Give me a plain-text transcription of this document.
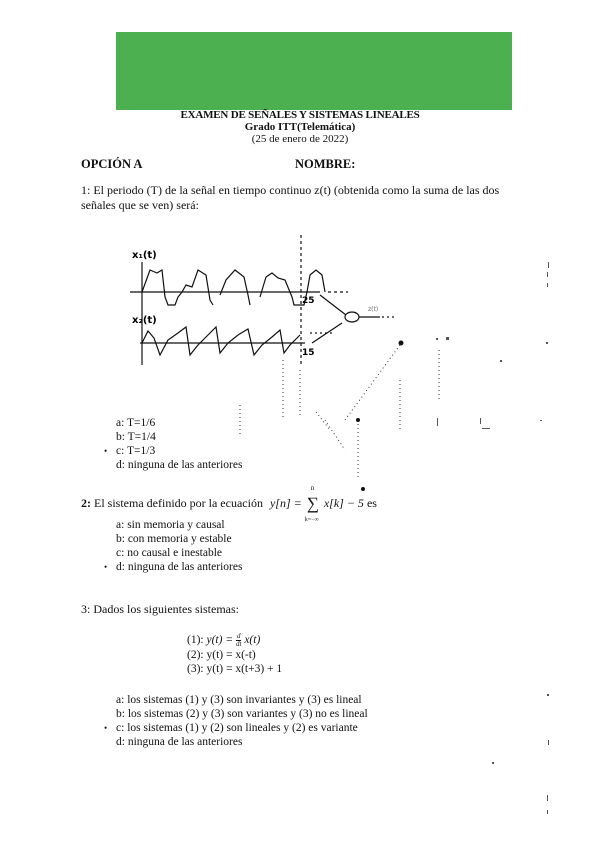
EXAMEN DE SEÑALES Y SISTEMAS LINEALES
Grado ITT(Telemática)
(25 de enero de 2022)
OPCIÓN A	NOMBRE:
1: El periodo (T) de la señal en tiempo continuo z(t) (obtenida como la suma de las dos señales que se ven) será:
x₁(t)
x₂(t)
25
15
z(t)
a: T=1/6
b: T=1/4
• c: T=1/3
d: ninguna de las anteriores
2: El sistema definido por la ecuación y[n] = ∑
n
k=−∞
x[k] − 5 es
a: sin memoria y causal
b: con memoria y estable
c: no causal e inestable
• d: ninguna de las anteriores
3: Dados los siguientes sistemas:
(1): $y(t) = \frac{d}{dt} x(t)$
(2): y(t) = x(-t)
(3): y(t) = x(t+3) + 1
a: los sistemas (1) y (3) son invariantes y (3) es lineal
b: los sistemas (2) y (3) son variantes y (3) no es lineal
• c: los sistemas (1) y (2) son lineales y (2) es variante
d: ninguna de las anteriores
